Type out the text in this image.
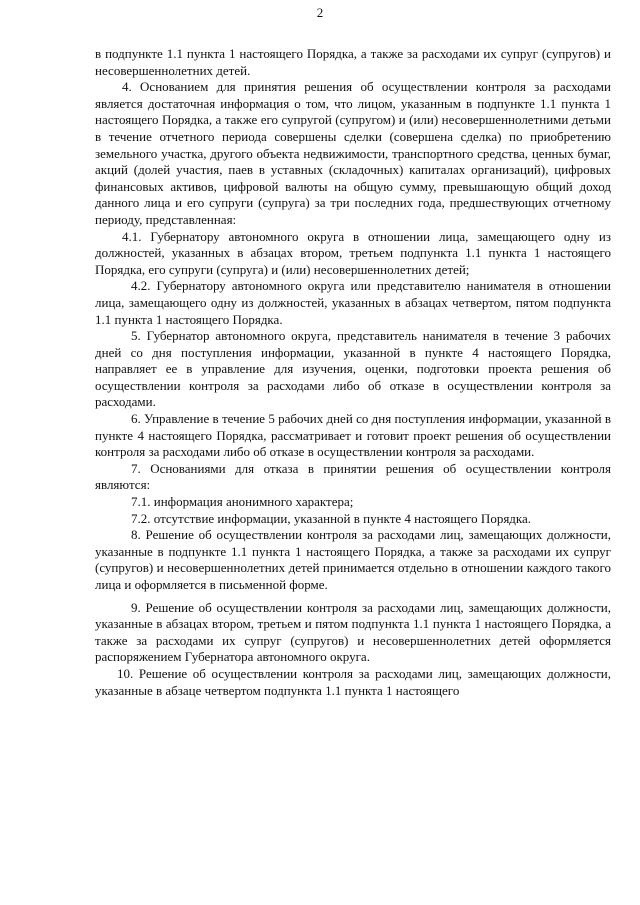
2

в подпункте 1.1 пункта 1 настоящего Порядка, а также за расходами их супруг (супругов) и несовершеннолетних детей.

4. Основанием для принятия решения об осуществлении контроля за расходами является достаточная информация о том, что лицом, указанным в подпункте 1.1 пункта 1 настоящего Порядка, а также его супругой (супругом) и (или) несовершеннолетними детьми в течение отчетного периода совершены сделки (совершена сделка) по приобретению земельного участка, другого объекта недвижимости, транспортного средства, ценных бумаг, акций (долей участия, паев в уставных (складочных) капиталах организаций), цифровых финансовых активов, цифровой валюты на общую сумму, превышающую общий доход данного лица и его супруги (супруга) за три последних года, предшествующих отчетному периоду, представленная:

4.1. Губернатору автономного округа в отношении лица, замещающего одну из должностей, указанных в абзацах втором, третьем подпункта 1.1 пункта 1 настоящего Порядка, его супруги (супруга) и (или) несовершеннолетних детей;

4.2. Губернатору автономного округа или представителю нанимателя в отношении лица, замещающего одну из должностей, указанных в абзацах четвертом, пятом подпункта 1.1 пункта 1 настоящего Порядка.

5. Губернатор автономного округа, представитель нанимателя в течение 3 рабочих дней со дня поступления информации, указанной в пункте 4 настоящего Порядка, направляет ее в управление для изучения, оценки, подготовки проекта решения об осуществлении контроля за расходами либо об отказе в осуществлении контроля за расходами.

6. Управление в течение 5 рабочих дней со дня поступления информации, указанной в пункте 4 настоящего Порядка, рассматривает и готовит проект решения об осуществлении контроля за расходами либо об отказе в осуществлении контроля за расходами.

7. Основаниями для отказа в принятии решения об осуществлении контроля являются:

7.1. информация анонимного характера;

7.2. отсутствие информации, указанной в пункте 4 настоящего Порядка.

8. Решение об осуществлении контроля за расходами лиц, замещающих должности, указанные в подпункте 1.1 пункта 1 настоящего Порядка, а также за расходами их супруг (супругов) и несовершеннолетних детей принимается отдельно в отношении каждого такого лица и оформляется в письменной форме.

9. Решение об осуществлении контроля за расходами лиц, замещающих должности, указанные в абзацах втором, третьем и пятом подпункта 1.1 пункта 1 настоящего Порядка, а также за расходами их супруг (супругов) и несовершеннолетних детей оформляется распоряжением Губернатора автономного округа.

10. Решение об осуществлении контроля за расходами лиц, замещающих должности, указанные в абзаце четвертом подпункта 1.1 пункта 1 настоящего
